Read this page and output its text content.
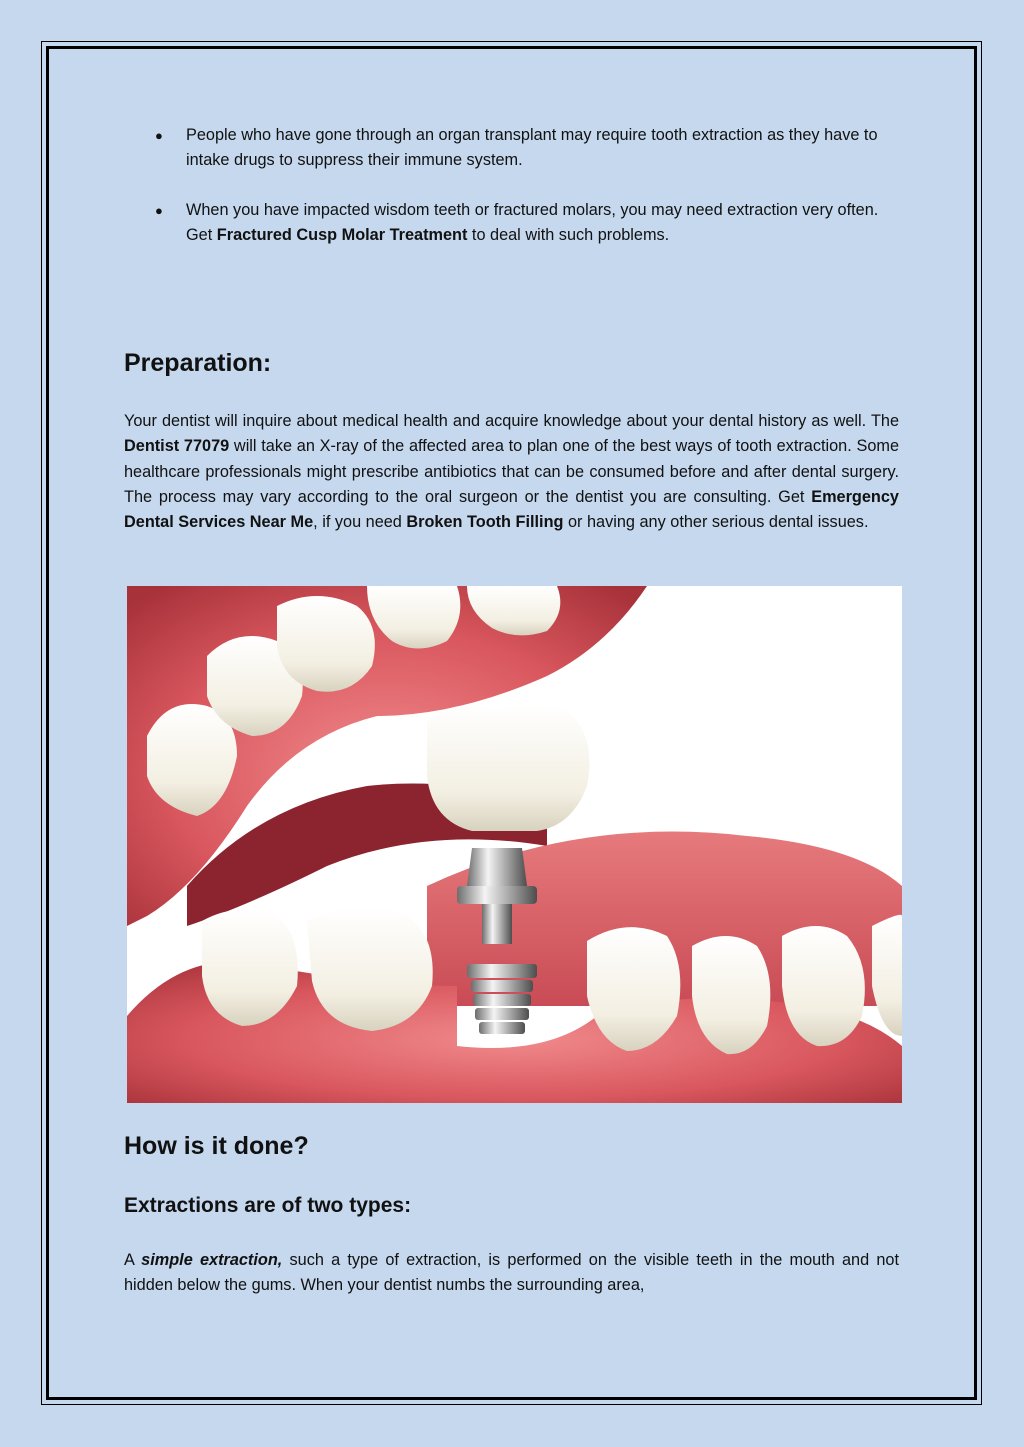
● People who have gone through an organ transplant may require tooth extraction as they have to intake drugs to suppress their immune system.
● When you have impacted wisdom teeth or fractured molars, you may need extraction very often. Get Fractured Cusp Molar Treatment to deal with such problems.
Preparation:

Your dentist will inquire about medical health and acquire knowledge about your dental history as well. The Dentist 77079 will take an X-ray of the affected area to plan one of the best ways of tooth extraction. Some healthcare professionals might prescribe antibiotics that can be consumed before and after dental surgery. The process may vary according to the oral surgeon or the dentist you are consulting. Get Emergency Dental Services Near Me, if you need Broken Tooth Filling or having any other serious dental issues.

How is it done?
Extractions are of two types:

A simple extraction, such a type of extraction, is performed on the visible teeth in the mouth and not hidden below the gums. When your dentist numbs the surrounding area,
